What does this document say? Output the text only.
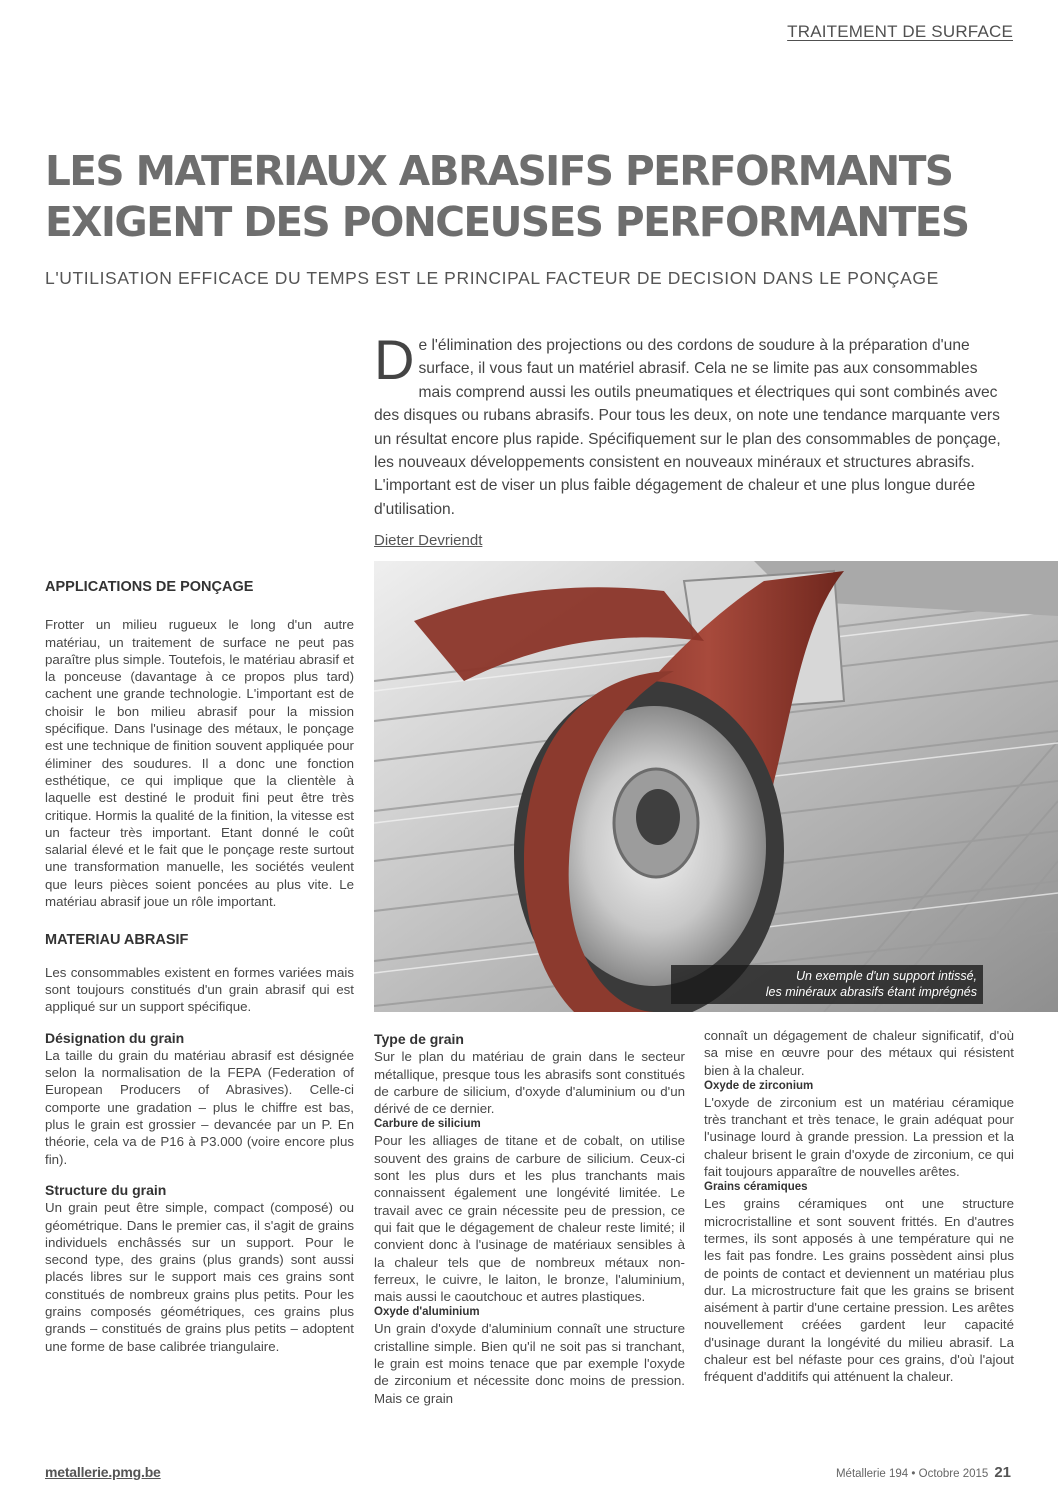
TRAITEMENT DE SURFACE
LES MATERIAUX ABRASIFS PERFORMANTS
EXIGENT DES PONCEUSES PERFORMANTES
L'UTILISATION EFFICACE DU TEMPS EST LE PRINCIPAL FACTEUR DE DECISION DANS LE PONÇAGE

De l'élimination des projections ou des cordons de soudure à la préparation d'une surface, il vous faut un matériel abrasif. Cela ne se limite pas aux consommables mais comprend aussi les outils pneumatiques et électriques qui sont combinés avec des disques ou rubans abrasifs. Pour tous les deux, on note une tendance marquante vers un résultat encore plus rapide. Spécifiquement sur le plan des consommables de ponçage, les nouveaux développements consistent en nouveaux minéraux et structures abrasifs. L'important est de viser un plus faible dégagement de chaleur et une plus longue durée d'utilisation.

Dieter Devriendt
Un exemple d'un support intissé,
les minéraux abrasifs étant imprégnés
APPLICATIONS DE PONÇAGE

Frotter un milieu rugueux le long d'un autre matériau, un traitement de surface ne peut pas paraître plus simple. Toutefois, le matériau abrasif et la ponceuse (davantage à ce propos plus tard) cachent une grande technologie. L'important est de choisir le bon milieu abrasif pour la mission spécifique. Dans l'usinage des métaux, le ponçage est une technique de finition souvent appliquée pour éliminer des soudures. Il a donc une fonction esthétique, ce qui implique que la clientèle à laquelle est destiné le produit fini peut être très critique. Hormis la qualité de la finition, la vitesse est un facteur très important. Etant donné le coût salarial élevé et le fait que le ponçage reste surtout une transformation manuelle, les sociétés veulent que leurs pièces soient poncées au plus vite. Le matériau abrasif joue un rôle important.

MATERIAU ABRASIF

Les consommables existent en formes variées mais sont toujours constitués d'un grain abrasif qui est appliqué sur un support spécifique.

Désignation du grain

La taille du grain du matériau abrasif est désignée selon la normalisation de la FEPA (Federation of European Producers of Abrasives). Celle-ci comporte une gradation – plus le chiffre est bas, plus le grain est grossier – devancée par un P. En théorie, cela va de P16 à P3.000 (voire encore plus fin).

Structure du grain

Un grain peut être simple, compact (composé) ou géométrique. Dans le premier cas, il s'agit de grains individuels enchâssés sur un support. Pour le second type, des grains (plus grands) sont aussi placés libres sur le support mais ces grains sont constitués de nombreux grains plus petits. Pour les grains composés géométriques, ces grains plus grands – constitués de grains plus petits – adoptent une forme de base calibrée triangulaire.

Type de grain

Sur le plan du matériau de grain dans le secteur métallique, presque tous les abrasifs sont constitués de carbure de silicium, d'oxyde d'aluminium ou d'un dérivé de ce dernier.

Carbure de silicium

Pour les alliages de titane et de cobalt, on utilise souvent des grains de carbure de silicium. Ceux-ci sont les plus durs et les plus tranchants mais connaissent également une longévité limitée. Le travail avec ce grain nécessite peu de pression, ce qui fait que le dégagement de chaleur reste limité; il convient donc à l'usinage de matériaux sensibles à la chaleur tels que de nombreux métaux non-ferreux, le cuivre, le laiton, le bronze, l'aluminium, mais aussi le caoutchouc et autres plastiques.

Oxyde d'aluminium

Un grain d'oxyde d'aluminium connaît une structure cristalline simple. Bien qu'il ne soit pas si tranchant, le grain est moins tenace que par exemple l'oxyde de zirconium et nécessite donc moins de pression. Mais ce grain

connaît un dégagement de chaleur significatif, d'où sa mise en œuvre pour des métaux qui résistent bien à la chaleur.

Oxyde de zirconium

L'oxyde de zirconium est un matériau céramique très tranchant et très tenace, le grain adéquat pour l'usinage lourd à grande pression. La pression et la chaleur brisent le grain d'oxyde de zirconium, ce qui fait toujours apparaître de nouvelles arêtes.

Grains céramiques

Les grains céramiques ont une structure microcristalline et sont souvent frittés. En d'autres termes, ils sont apposés à une température qui ne les fait pas fondre. Les grains possèdent ainsi plus de points de contact et deviennent un matériau plus dur. La microstructure fait que les grains se brisent aisément à partir d'une certaine pression. Les arêtes nouvellement créées gardent leur capacité d'usinage durant la longévité du milieu abrasif. La chaleur est bel néfaste pour ces grains, d'où l'ajout fréquent d'additifs qui atténuent la chaleur.

metallerie.pmg.be	Métallerie 194 • Octobre 2015 21
